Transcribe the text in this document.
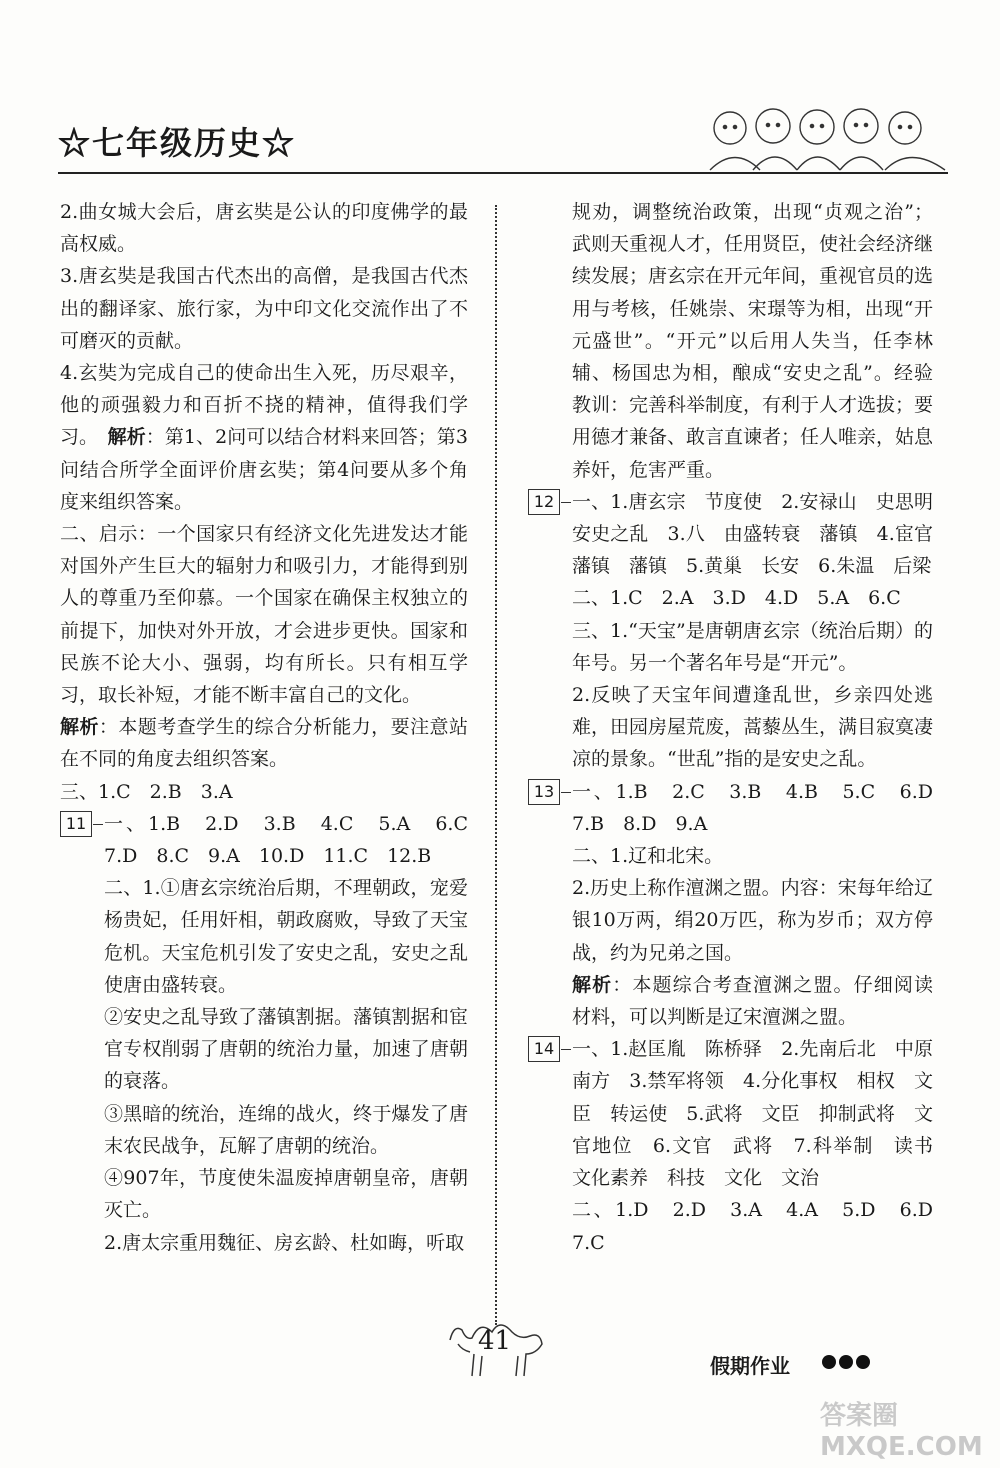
☆七年级历史☆

2.曲女城大会后，唐玄奘是公认的印度佛学的最高权威。

3.唐玄奘是我国古代杰出的高僧，是我国古代杰出的翻译家、旅行家，为中印文化交流作出了不可磨灭的贡献。

4.玄奘为完成自己的使命出生入死，历尽艰辛，他的顽强毅力和百折不挠的精神，值得我们学习。　 解析：第1、2问可以结合材料来回答；第3问结合所学全面评价唐玄奘；第4问要从多个角度来组织答案。

二、启示：一个国家只有经济文化先进发达才能对国外产生巨大的辐射力和吸引力，才能得到别人的尊重乃至仰慕。一个国家在确保主权独立的前提下，加快对外开放，才会进步更快。国家和民族不论大小、强弱，均有所长。只有相互学习，取长补短，才能不断丰富自己的文化。

解析：本题考查学生的综合分析能力，要注意站在不同的角度去组织答案。

三、1.C　2.B　3.A

11 一、1.B　2.D　3.B　4.C　5.A　6.C　7.D　8.C　9.A　10.D　11.C　12.B

二、1.①唐玄宗统治后期，不理朝政，宠爱杨贵妃，任用奸相，朝政腐败，导致了天宝危机。天宝危机引发了安史之乱，安史之乱使唐由盛转衰。

②安史之乱导致了藩镇割据。藩镇割据和宦官专权削弱了唐朝的统治力量，加速了唐朝的衰落。

③黑暗的统治，连绵的战火，终于爆发了唐末农民战争，瓦解了唐朝的统治。

④907年，节度使朱温废掉唐朝皇帝，唐朝灭亡。

2.唐太宗重用魏征、房玄龄、杜如晦，听取

规劝，调整统治政策，出现“贞观之治”；武则天重视人才，任用贤臣，使社会经济继续发展；唐玄宗在开元年间，重视官员的选用与考核，任姚崇、宋璟等为相，出现“开元盛世”。“开元”以后用人失当，任李林辅、杨国忠为相，酿成“安史之乱”。经验教训：完善科举制度，有利于人才选拔；要用德才兼备、敢言直谏者；任人唯亲，姑息养奸，危害严重。

12 一、1.唐玄宗　节度使　2.安禄山　史思明　安史之乱　3.八　由盛转衰　藩镇　4.宦官　藩镇　藩镇　5.黄巢　长安　6.朱温　后梁

二、1.C　2.A　3.D　4.D　5.A　6.C

三、1.“天宝”是唐朝唐玄宗（统治后期）的年号。另一个著名年号是“开元”。

2.反映了天宝年间遭逢乱世，乡亲四处逃难，田园房屋荒废，蒿藜丛生，满目寂寞凄凉的景象。“世乱”指的是安史之乱。

13 一、1.B　2.C　3.B　4.B　5.C　6.D　7.B　8.D　9.A

二、1.辽和北宋。

2.历史上称作澶渊之盟。内容：宋每年给辽银10万两，绢20万匹，称为岁币；双方停战，约为兄弟之国。

解析：本题综合考查澶渊之盟。仔细阅读材料，可以判断是辽宋澶渊之盟。

14 一、1.赵匡胤　陈桥驿　2.先南后北　中原　南方　3.禁军将领　4.分化事权　相权　文臣　转运使　5.武将　文臣　抑制武将　文官地位　6.文官　武将　7.科举制　读书　文化素养　科技　文化　文治

二、1.D　2.D　3.A　4.A　5.D　6.D　7.C

41
假期作业
答案圈 MXQE.COM
